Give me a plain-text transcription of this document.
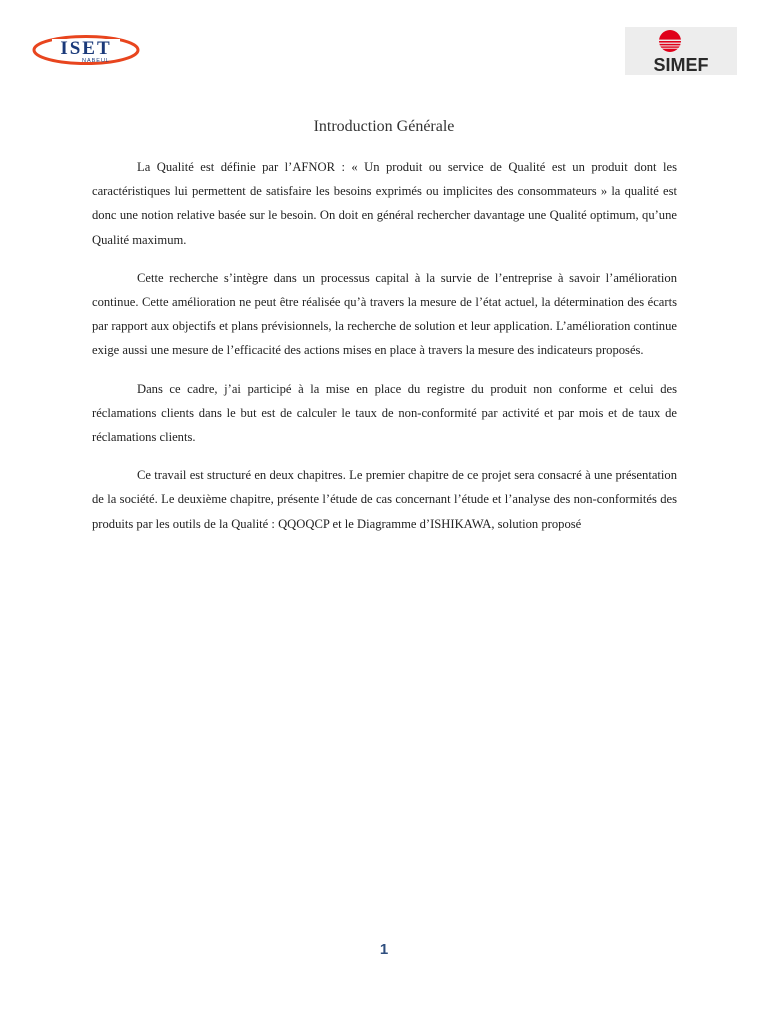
ISET
NABEUL	SIMEF
Introduction Générale

La Qualité est définie par l’AFNOR : « Un produit ou service de Qualité est un produit dont les caractéristiques lui permettent de satisfaire les besoins exprimés ou implicites des consommateurs » la qualité est donc une notion relative basée sur le besoin. On doit en général rechercher davantage une Qualité optimum, qu’une Qualité maximum.

Cette recherche s’intègre dans un processus capital à la survie de l’entreprise à savoir l’amélioration continue. Cette amélioration ne peut être réalisée qu’à travers la mesure de l’état actuel, la détermination des écarts par rapport aux objectifs et plans prévisionnels, la recherche de solution et leur application. L’amélioration continue exige aussi une mesure de l’efficacité des actions mises en place à travers la mesure des indicateurs proposés.

Dans ce cadre, j’ai participé à la mise en place du registre du produit non conforme et celui des réclamations clients dans le but est de calculer le taux de non-conformité par activité et par mois et de taux de réclamations clients.

Ce travail est structuré en deux chapitres. Le premier chapitre de ce projet sera consacré à une présentation de la société. Le deuxième chapitre, présente l’étude de cas concernant l’étude et l’analyse des non-conformités des produits par les outils de la Qualité : QQOQCP et le Diagramme d’ISHIKAWA, solution proposé

1
